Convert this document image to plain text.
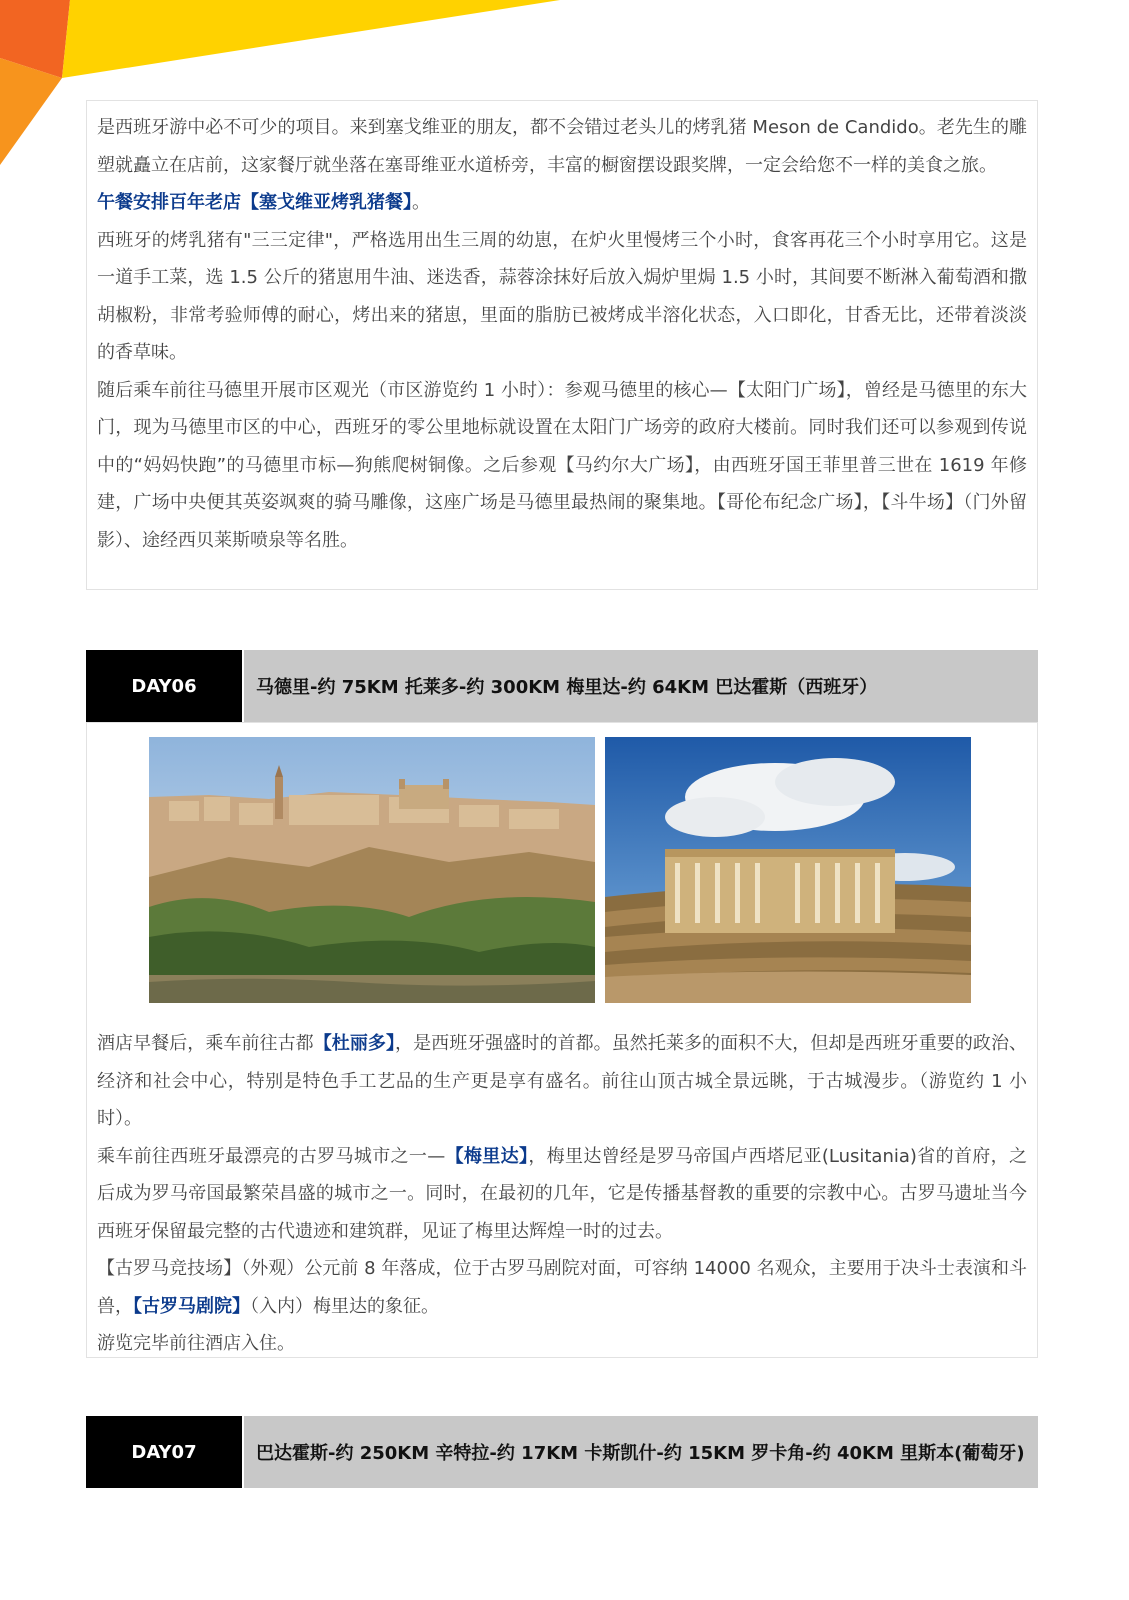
是西班牙游中必不可少的项目。来到塞戈维亚的朋友，都不会错过老头儿的烤乳猪 Meson de Candido。老先生的雕塑就矗立在店前，这家餐厅就坐落在塞哥维亚水道桥旁，丰富的橱窗摆设跟奖牌，一定会给您不一样的美食之旅。

午餐安排百年老店【塞戈维亚烤乳猪餐】。

西班牙的烤乳猪有"三三定律"，严格选用出生三周的幼崽，在炉火里慢烤三个小时，食客再花三个小时享用它。这是一道手工菜，选 1.5 公斤的猪崽用牛油、迷迭香，蒜蓉涂抹好后放入焗炉里焗 1.5 小时，其间要不断淋入葡萄酒和撒胡椒粉，非常考验师傅的耐心，烤出来的猪崽，里面的脂肪已被烤成半溶化状态，入口即化，甘香无比，还带着淡淡的香草味。

随后乘车前往马德里开展市区观光（市区游览约 1 小时）：参观马德里的核心—【太阳门广场】，曾经是马德里的东大门，现为马德里市区的中心，西班牙的零公里地标就设置在太阳门广场旁的政府大楼前。同时我们还可以参观到传说中的“妈妈快跑”的马德里市标—狗熊爬树铜像。之后参观【马约尔大广场】，由西班牙国王菲里普三世在 1619 年修建，广场中央便其英姿飒爽的骑马雕像，这座广场是马德里最热闹的聚集地。【哥伦布纪念广场】，【斗牛场】（门外留影）、途经西贝莱斯喷泉等名胜。

DAY06	马德里-约 75KM 托莱多-约 300KM 梅里达-约 64KM 巴达霍斯（西班牙）

酒店早餐后，乘车前往古都【杜丽多】，是西班牙强盛时的首都。虽然托莱多的面积不大，但却是西班牙重要的政治、经济和社会中心，特别是特色手工艺品的生产更是享有盛名。前往山顶古城全景远眺，于古城漫步。（游览约 1 小时）。

乘车前往西班牙最漂亮的古罗马城市之一—【梅里达】，梅里达曾经是罗马帝国卢西塔尼亚(Lusitania)省的首府，之后成为罗马帝国最繁荣昌盛的城市之一。同时，在最初的几年，它是传播基督教的重要的宗教中心。古罗马遗址当今西班牙保留最完整的古代遗迹和建筑群，见证了梅里达辉煌一时的过去。

【古罗马竞技场】（外观）公元前 8 年落成，位于古罗马剧院对面，可容纳 14000 名观众，主要用于决斗士表演和斗兽，【古罗马剧院】（入内）梅里达的象征。

游览完毕前往酒店入住。

DAY07	巴达霍斯-约 250KM 辛特拉-约 17KM 卡斯凯什-约 15KM 罗卡角-约 40KM 里斯本(葡萄牙)
